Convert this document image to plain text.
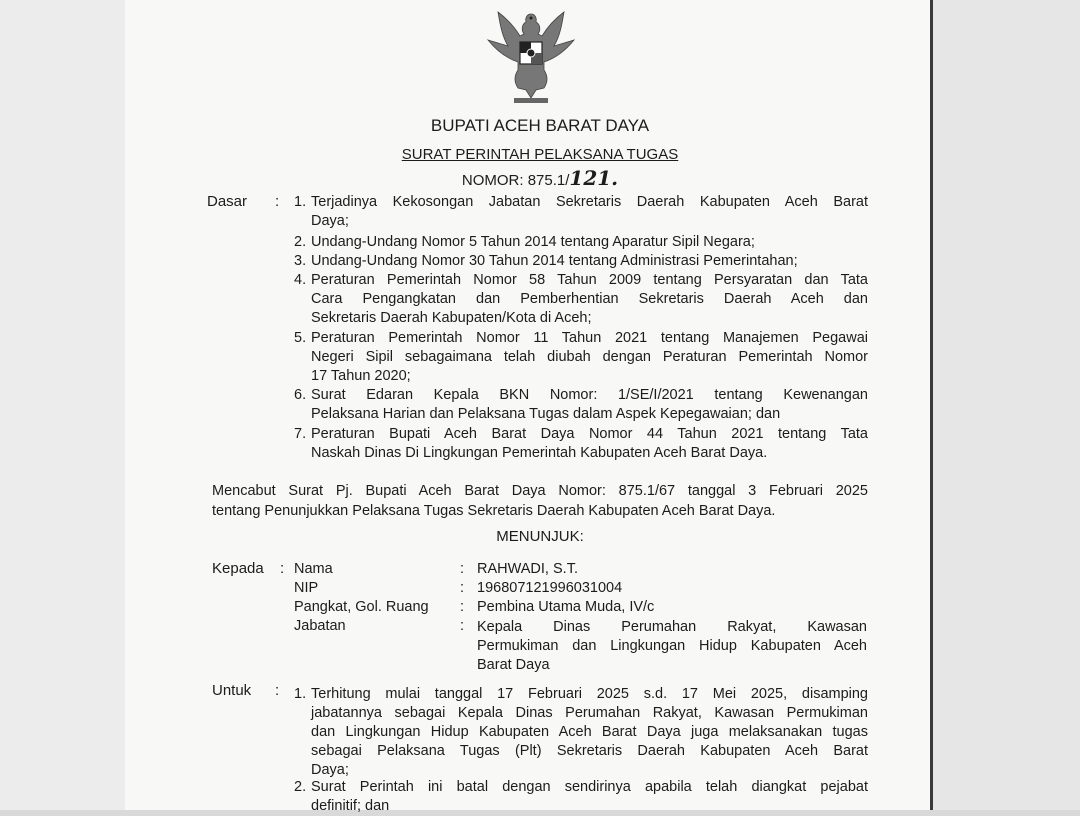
BUPATI ACEH BARAT DAYA
SURAT PERINTAH PELAKSANA TUGAS
NOMOR: 875.1/121.
Dasar : 1. Terjadinya Kekosongan Jabatan Sekretaris Daerah Kabupaten Aceh Barat
Daya;
2. Undang-Undang Nomor 5 Tahun 2014 tentang Aparatur Sipil Negara;
3. Undang-Undang Nomor 30 Tahun 2014 tentang Administrasi Pemerintahan;
4. Peraturan Pemerintah Nomor 58 Tahun 2009 tentang Persyaratan dan Tata
Cara Pengangkatan dan Pemberhentian Sekretaris Daerah Aceh dan
Sekretaris Daerah Kabupaten/Kota di Aceh;
5. Peraturan Pemerintah Nomor 11 Tahun 2021 tentang Manajemen Pegawai
Negeri Sipil sebagaimana telah diubah dengan Peraturan Pemerintah Nomor
17 Tahun 2020;
6. Surat Edaran Kepala BKN Nomor: 1/SE/I/2021 tentang Kewenangan
Pelaksana Harian dan Pelaksana Tugas dalam Aspek Kepegawaian; dan
7. Peraturan Bupati Aceh Barat Daya Nomor 44 Tahun 2021 tentang Tata
Naskah Dinas Di Lingkungan Pemerintah Kabupaten Aceh Barat Daya.
Mencabut Surat Pj. Bupati Aceh Barat Daya Nomor: 875.1/67 tanggal 3 Februari 2025
tentang Penunjukkan Pelaksana Tugas Sekretaris Daerah Kabupaten Aceh Barat Daya.
MENUNJUK:
Kepada : Nama	: RAHWADI, S.T.
NIP	: 196807121996031004
Pangkat, Gol. Ruang : Pembina Utama Muda, IV/c
Jabatan	: Kepala Dinas Perumahan Rakyat, Kawasan
Permukiman dan Lingkungan Hidup Kabupaten Aceh
Barat Daya
Untuk : 1. Terhitung mulai tanggal 17 Februari 2025 s.d. 17 Mei 2025, disamping
jabatannya sebagai Kepala Dinas Perumahan Rakyat, Kawasan Permukiman
dan Lingkungan Hidup Kabupaten Aceh Barat Daya juga melaksanakan tugas
sebagai Pelaksana Tugas (Plt) Sekretaris Daerah Kabupaten Aceh Barat
Daya;
2. Surat Perintah ini batal dengan sendirinya apabila telah diangkat pejabat
definitif; dan
